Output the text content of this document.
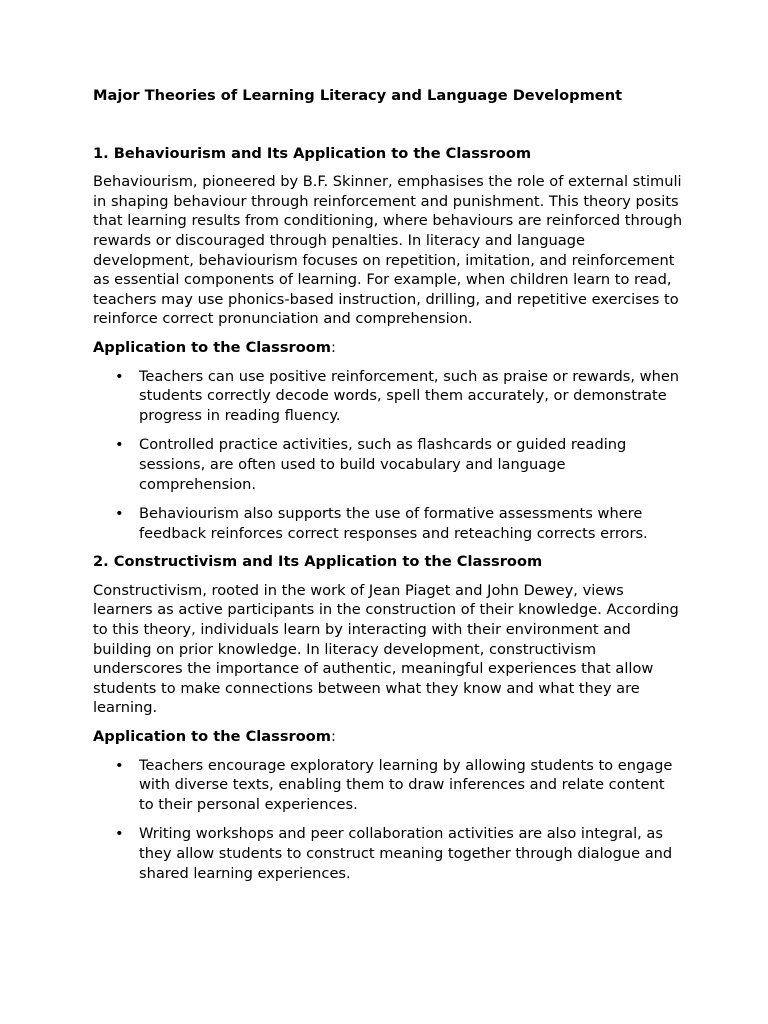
Major Theories of Learning Literacy and Language Development

1. Behaviourism and Its Application to the Classroom

Behaviourism, pioneered by B.F. Skinner, emphasises the role of external stimuli in shaping behaviour through reinforcement and punishment. This theory posits that learning results from conditioning, where behaviours are reinforced through rewards or discouraged through penalties. In literacy and language development, behaviourism focuses on repetition, imitation, and reinforcement as essential components of learning. For example, when children learn to read, teachers may use phonics-based instruction, drilling, and repetitive exercises to reinforce correct pronunciation and comprehension.

Application to the Classroom:

• Teachers can use positive reinforcement, such as praise or rewards, when students correctly decode words, spell them accurately, or demonstrate progress in reading fluency.
• Controlled practice activities, such as flashcards or guided reading sessions, are often used to build vocabulary and language comprehension.
• Behaviourism also supports the use of formative assessments where feedback reinforces correct responses and reteaching corrects errors.

2. Constructivism and Its Application to the Classroom

Constructivism, rooted in the work of Jean Piaget and John Dewey, views learners as active participants in the construction of their knowledge. According to this theory, individuals learn by interacting with their environment and building on prior knowledge. In literacy development, constructivism underscores the importance of authentic, meaningful experiences that allow students to make connections between what they know and what they are learning.

Application to the Classroom:

• Teachers encourage exploratory learning by allowing students to engage with diverse texts, enabling them to draw inferences and relate content to their personal experiences.
• Writing workshops and peer collaboration activities are also integral, as they allow students to construct meaning together through dialogue and shared learning experiences.
